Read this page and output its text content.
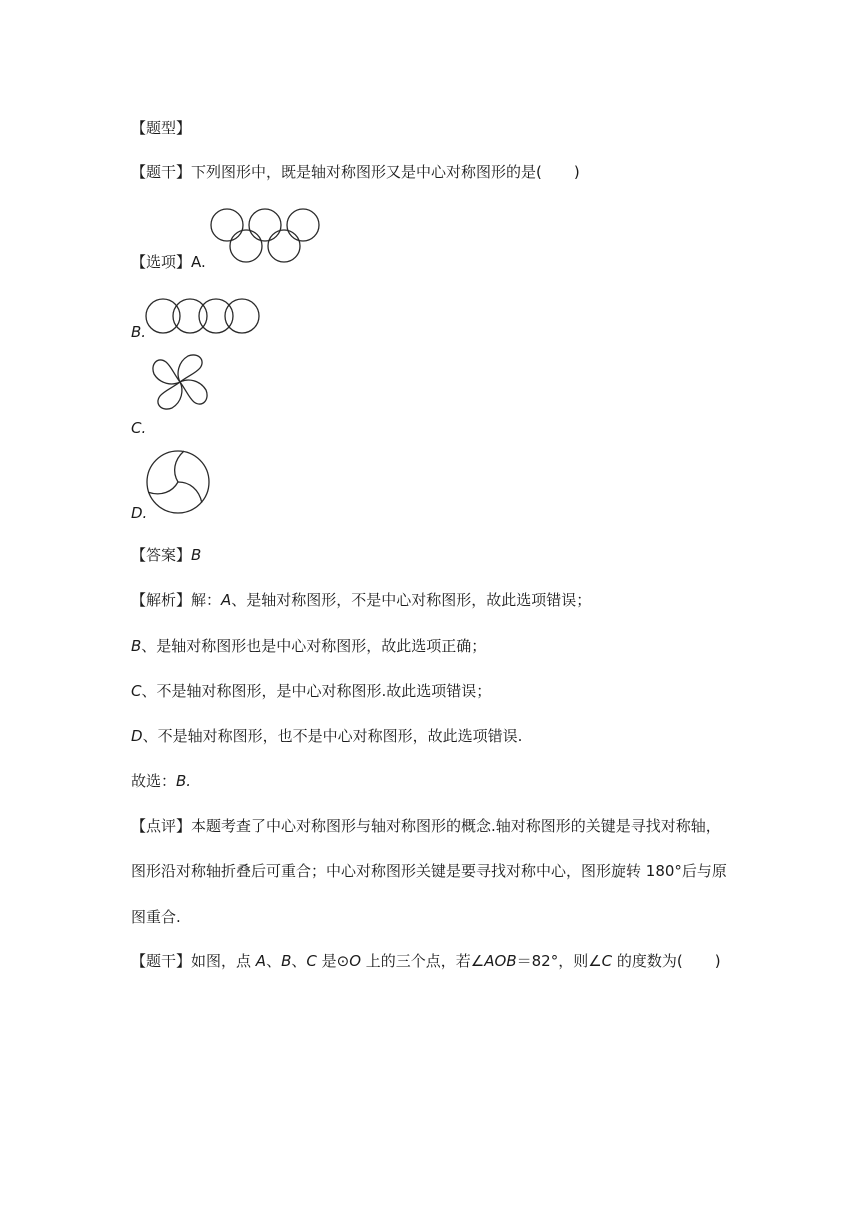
【题型】
【题干】下列图形中，既是轴对称图形又是中心对称图形的是( )
【选项】A.
B.
C.
D.
【答案】B
【解析】解：A、是轴对称图形，不是中心对称图形，故此选项错误；
B、是轴对称图形也是中心对称图形，故此选项正确；
C、不是轴对称图形，是中心对称图形.故此选项错误；
D、不是轴对称图形，也不是中心对称图形，故此选项错误.
故选：B.
【点评】本题考查了中心对称图形与轴对称图形的概念.轴对称图形的关键是寻找对称轴，
图形沿对称轴折叠后可重合；中心对称图形关键是要寻找对称中心，图形旋转 180°后与原
图重合.
【题干】如图，点 A、B、C 是⊙O 上的三个点，若∠AOB＝82°，则∠C 的度数为( )
